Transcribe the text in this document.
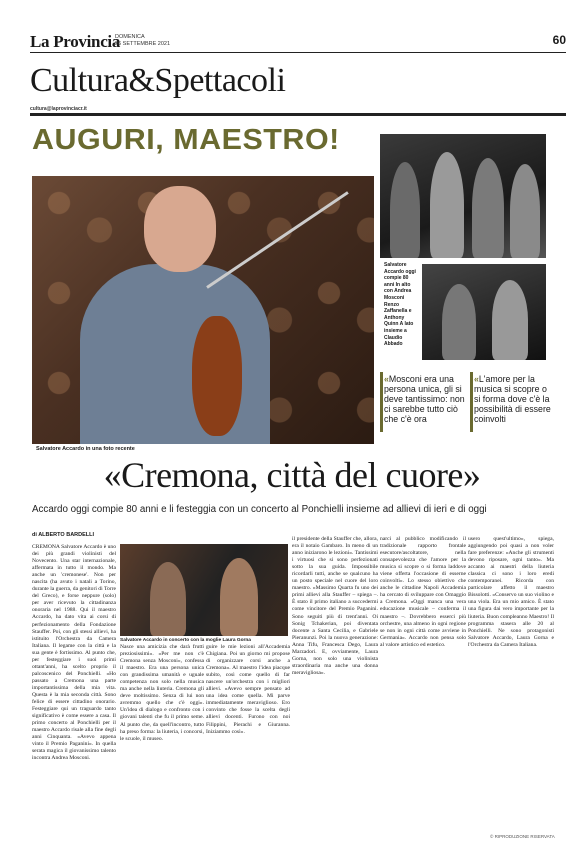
La Provincia
DOMENICA
26 SETTEMBRE 2021	60
Cultura&Spettacoli
cultura@laprovinciacr.it
AUGURI, MAESTRO!
Salvatore Accardo oggi compie 80 anni In alto con Andrea Mosconi Renzo Zaffanella e Anthony Quinn A lato insieme a Claudio Abbado
«Mosconi era una persona unica, gli si deve tantissimo: non ci sarebbe tutto ciò che c'è ora
«L'amore per la musica si scopre o si forma dove c'è la possibilità di essere coinvolti
Salvatore Accardo in una foto recente
«Cremona, città del cuore»
Accardo oggi compie 80 anni e li festeggia con un concerto al Ponchielli insieme ad allievi di ieri e di oggi
di ALBERTO BARDELLI
CREMONA Salvatore Accardo è uno dei più grandi violinisti del Novecento. Una star internazionale, affermata in tutto il mondo. Ma anche un 'cremonese'. Non per nascita (ha avuto i natali a Torino, durante la guerra, da genitori di Torre del Greco), e forse neppure (solo) per aver ricevuto la cittadinanza onoraria nel 1988. Qui il maestro Accardo, ha dato vita ai corsi di perfezionamento della Fondazione Stauffer. Poi, con gli stessi allievi, ha istituito l'Orchestra da Camera Italiana. Il legame con la città e la sua gente è fortissimo. Al punto che, per festeggiare i suoi primi ottant'anni, ha scelto proprio il palcoscenico del Ponchielli. «Ho passato a Cremona una parte importantissima della mia vita. Questa è la mia seconda città. Sono felice di essere cittadino onorario. Festeggiare qui un traguardo tanto significativo è come essere a casa. Il primo concerto al Ponchielli per il maestro Accardo risale alla fine degli anni Cinquanta. «Avevo appena vinto il Premio Paganini». In quella serata magica il giovanissimo talento incontra Andrea Mosconi.
Salvatore Accardo in concerto con la moglie Laura Gorna
Nasce una amicizia che darà frutti preziosissimi». «Per me non c'è Cremona senza Mosconi», confessa il maestro. Era una persona unica con grandissima umanità e uguale competenza non solo nella musica ma anche nella liuteria. Cremona gli deve moltissimo. Senza di lui non avremmo quello che c'è oggi». Un'idea di dialogo e confronto con i giovani talenti che fu il primo seme. Al punto che, da quell'incontro, tutto ha preso forma: la liuteria, i concorsi, le scuole, il museo.
guire le mie lezioni all'Accademia Chigiana. Poi un giorno mi propose di organizzare corsi anche a Cremona». Al maestro l'idea piacque subito, così come quello di far nascere un'orchestra con i migliori allievi. «Avevo sempre pensato ad una idea come quella. Mi parve immediatamente meraviglioso. Ero convinto che fosse la scelta degli allievi docenti. Furono con noi Filippini, Pierachi e Giuranna. Iniziammo così».
il presidente della Stauffer che, allora, era il notaio Gambaro. In meno di un anno iniziarono le lezioni». Tantissimi i virtuosi che si sono perfezionati sotto la sua guida. Impossibile ricordarli tutti, anche se qualcuno ha un posto speciale nel cuore del loro maestro. «Massimo Quarta fu uno dei primi allievi alla Stauffer – spiega –. È stato il primo italiano a succedermi come vincitore del Premio Paganini. Sono seguiti più di trent'anni. Oi Sonig Tchakerian, poi diventata docente a Santa Cecilia, e Gabriele Pieranunzi. Poi la nuova generazione: Anna Tifu, Francesca Dego, Laura Marzadori. E, ovviamente, Laura Gorna, non solo una violinista straordinaria ma anche una donna meravigliosa».
narci al pubblico modificando il tradizionale rapporto frontale esecutore/ascoltatore, nella consapevolezza che l'amore per la musica si scopre o si forma laddove viene offerta l'occasione di esserne coinvolti». Lo stesso obiettivo che anche le cittadine Napoli Accademia ha cercato di sviluppare con Omaggio a Cremona. «Oggi manca una vera educazione musicale – conferma il maestro –. Dovrebbero esserci più orchestre, una almeno in ogni regione se non in ogni città come avviene in Germania». Accardo non pensa solo al valore artistico ed estetico.
usero quest'ultimo», spiega, aggiungendo poi quasi a non voler fare preferenze: «Anche gli strumenti devono riposare, ogni tanto». Ma accanto ai maestri della liuteria classica ci sono i loro eredi contemporanei. Ricorda con particolare affetto il maestro Bissolotti. «Conservo un suo violino e una viola. Era un mio amico. È stato una figura dai vero importante per la liuteria. Buon compleanno Maestro! Il programma stasera alle 20 al Ponchielli. Ne sono protagonisti Salvatore Accardo, Laura Gorna e l'Orchestra da Camera Italiana.
© RIPRODUZIONE RISERVATA
